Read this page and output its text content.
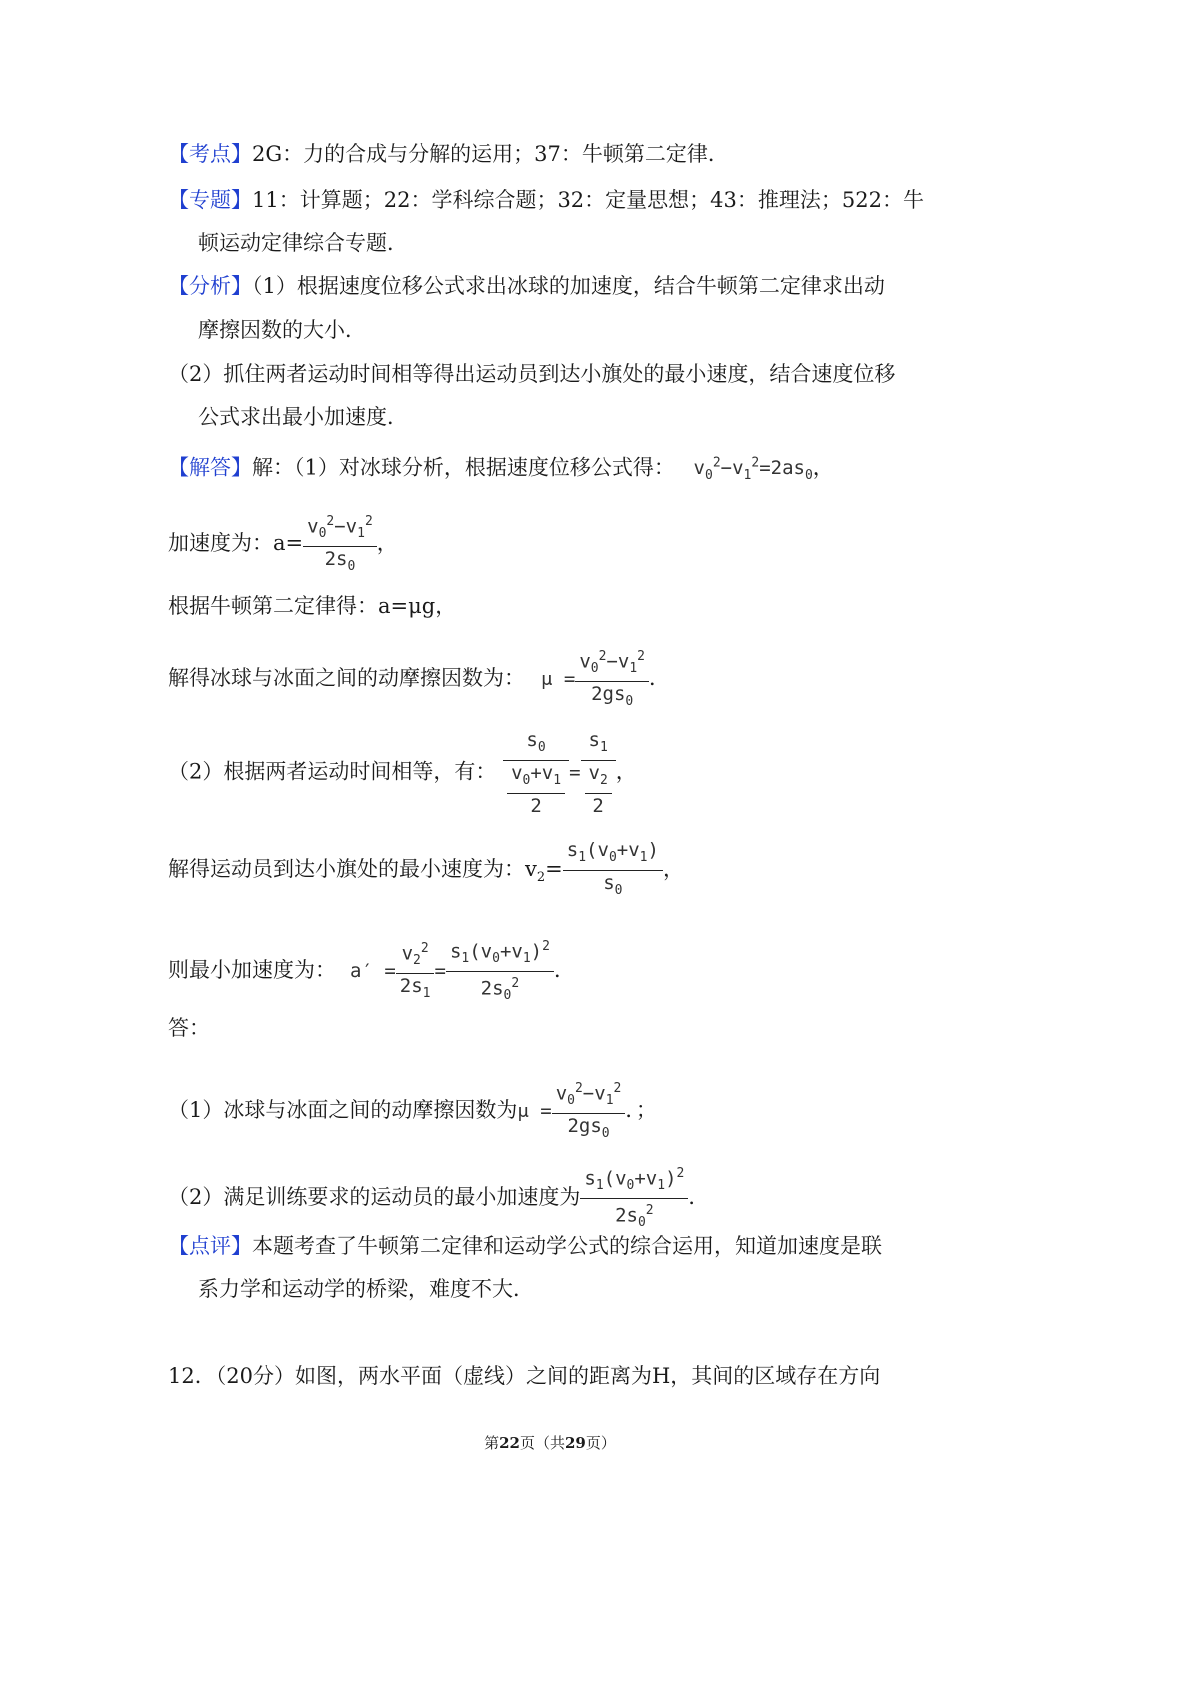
【考点】2G：力的合成与分解的运用；37：牛顿第二定律．
【专题】11：计算题；22：学科综合题；32：定量思想；43：推理法；522：牛
顿运动定律综合专题．
【分析】（1）根据速度位移公式求出冰球的加速度，结合牛顿第二定律求出动
摩擦因数的大小．
（2）抓住两者运动时间相等得出运动员到达小旗处的最小速度，结合速度位移
公式求出最小加速度．
【解答】解：（1）对冰球分析，根据速度位移公式得： $v_0^2-v_1^2=2as_0$，
加速度为：$a= \frac{v_0^2-v_1^2}{2s_0}$ ，
根据牛顿第二定律得：a=μg，
解得冰球与冰面之间的动摩擦因数为： $\mu = \frac{v_0^2-v_1^2}{2gs_0}$ ．
（2）根据两者运动时间相等，有： $\frac{s_0}{\frac{v_0+v_1}{2}} = \frac{s_1}{\frac{v_2}{2}}$ ，
解得运动员到达小旗处的最小速度为：$v_2= \frac{s_1(v_0+v_1)}{s_0}$ ，
则最小加速度为： $a' = \frac{v_2^2}{2s_1} = \frac{s_1(v_0+v_1)^2}{2s_0^2}$ ．
答：
（1）冰球与冰面之间的动摩擦因数为$\mu = \frac{v_0^2-v_1^2}{2gs_0}$ ．；
（2）满足训练要求的运动员的最小加速度为 $\frac{s_1(v_0+v_1)^2}{2s_0^2}$ ．
【点评】本题考查了牛顿第二定律和运动学公式的综合运用，知道加速度是联
系力学和运动学的桥梁，难度不大．
12．（20分）如图，两水平面（虚线）之间的距离为H，其间的区域存在方向
第22页（共29页）
